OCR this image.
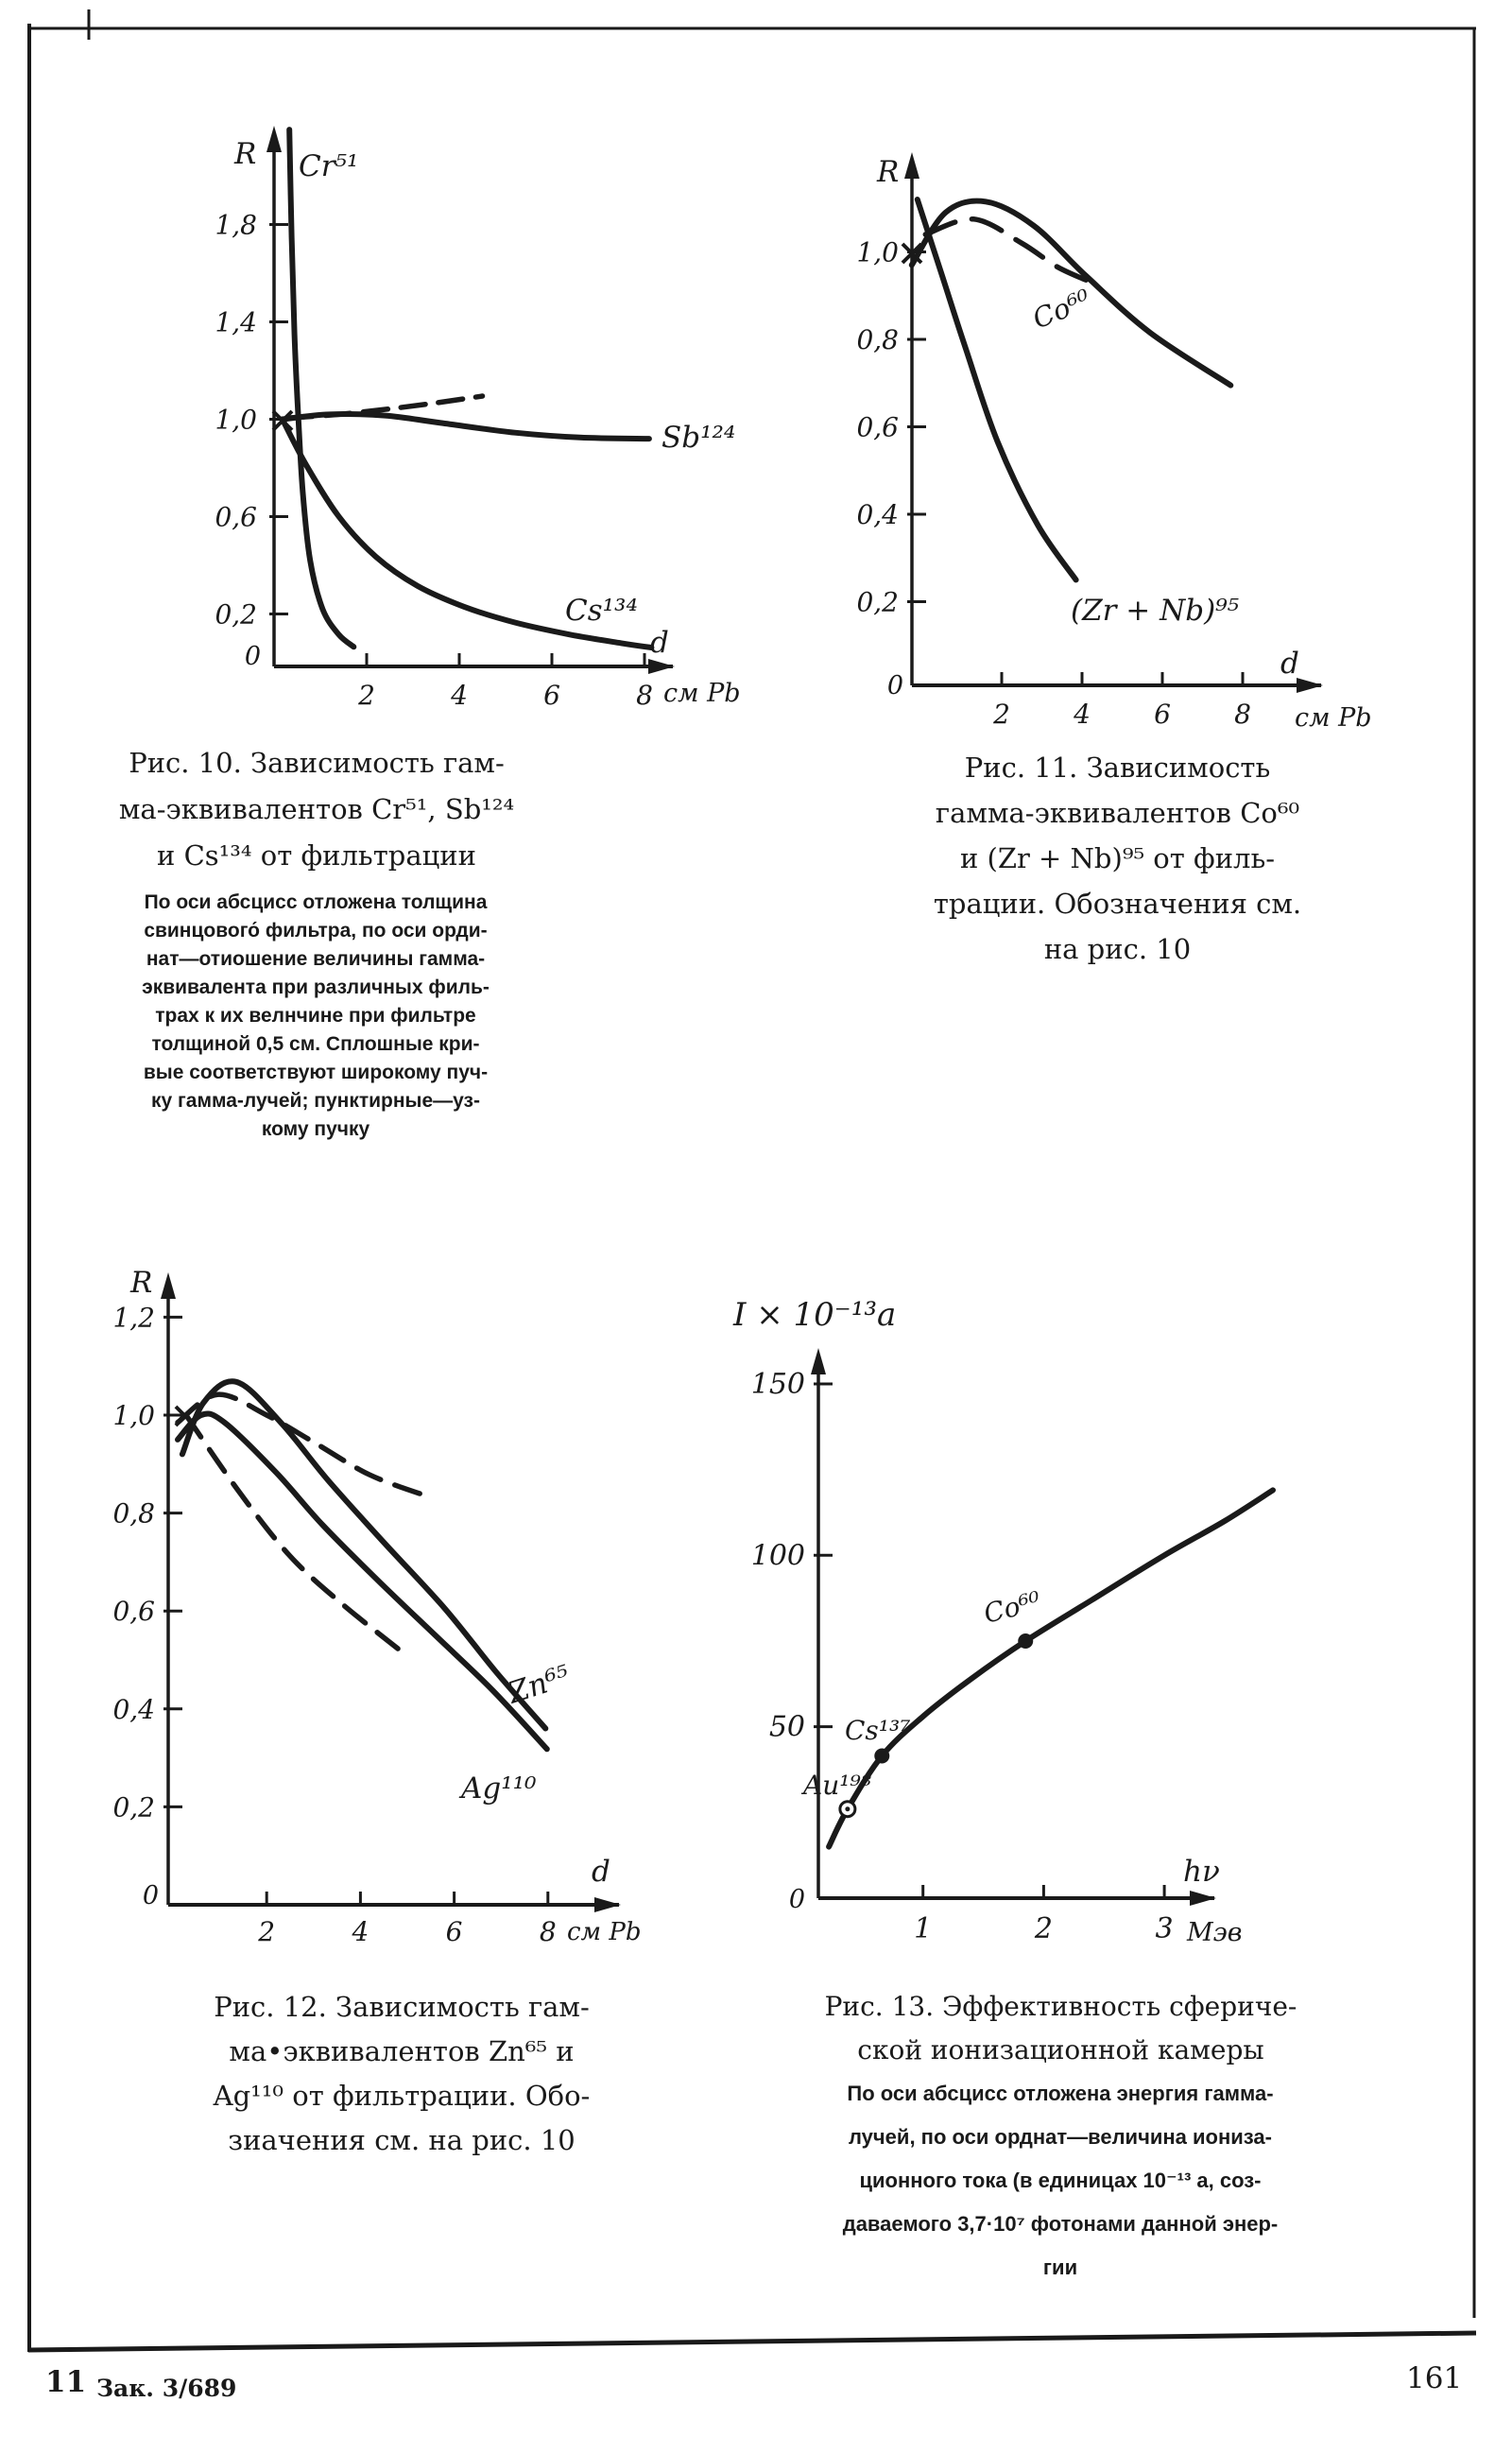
1,8
1,4
1,0
0,6
0,2
2	4	6	8
R Cr⁵¹
Sb¹²⁴
Cs¹³⁴
d
см Pb
0
1,0
0,8
0,6
0,4
0,2
2 4 6 8
R
Co⁶⁰
(Zr + Nb)⁹⁵
d
см Pb
0
1,2
1,0
0,8
0,6
0,4
0,2
2	4	6	8
R
Zn⁶⁵
Ag¹¹⁰
d
см Pb
0
150
100
50
1	2	3
I × 10⁻¹³a
hν
Мэв
Au¹⁹⁸
Cs¹³⁷
Co⁶⁰
0
Рис. 10. Зависимость гам-
ма-эквивалентов Cr⁵¹, Sb¹²⁴
и Cs¹³⁴ от фильтрации
По оси абсцисс отложена толщина
свинцового́ фильтра, по оси орди-
нат—отиошение величины гамма-
эквивалента при различных филь-
трах к их велнчине при фильтре
толщиной 0,5 см. Сплошные кри-
вые соответствуют широкому пуч-
ку гамма-лучей; пунктирные—уз-
кому пучку
Рис. 11. Зависимость
гамма-эквивалентов Co⁶⁰
и (Zr + Nb)⁹⁵ от филь-
трации. Обозначения см.
на рис. 10
Рис. 12. Зависимость гам-
ма•эквивалентов Zn⁶⁵ и
Ag¹¹⁰ от фильтрации. Обо-
зиачения см. на рис. 10
Рис. 13. Эффективность сфериче-
ской ионизационной камеры
По оси абсцисс отложена энергия гамма-
лучей, по оси орднат—величина иониза-
ционного тока (в единицах 10⁻¹³ а, соз-
даваемого 3,7·10⁷ фотонами данной энер-
гии
11 Зак. 3/689	161
